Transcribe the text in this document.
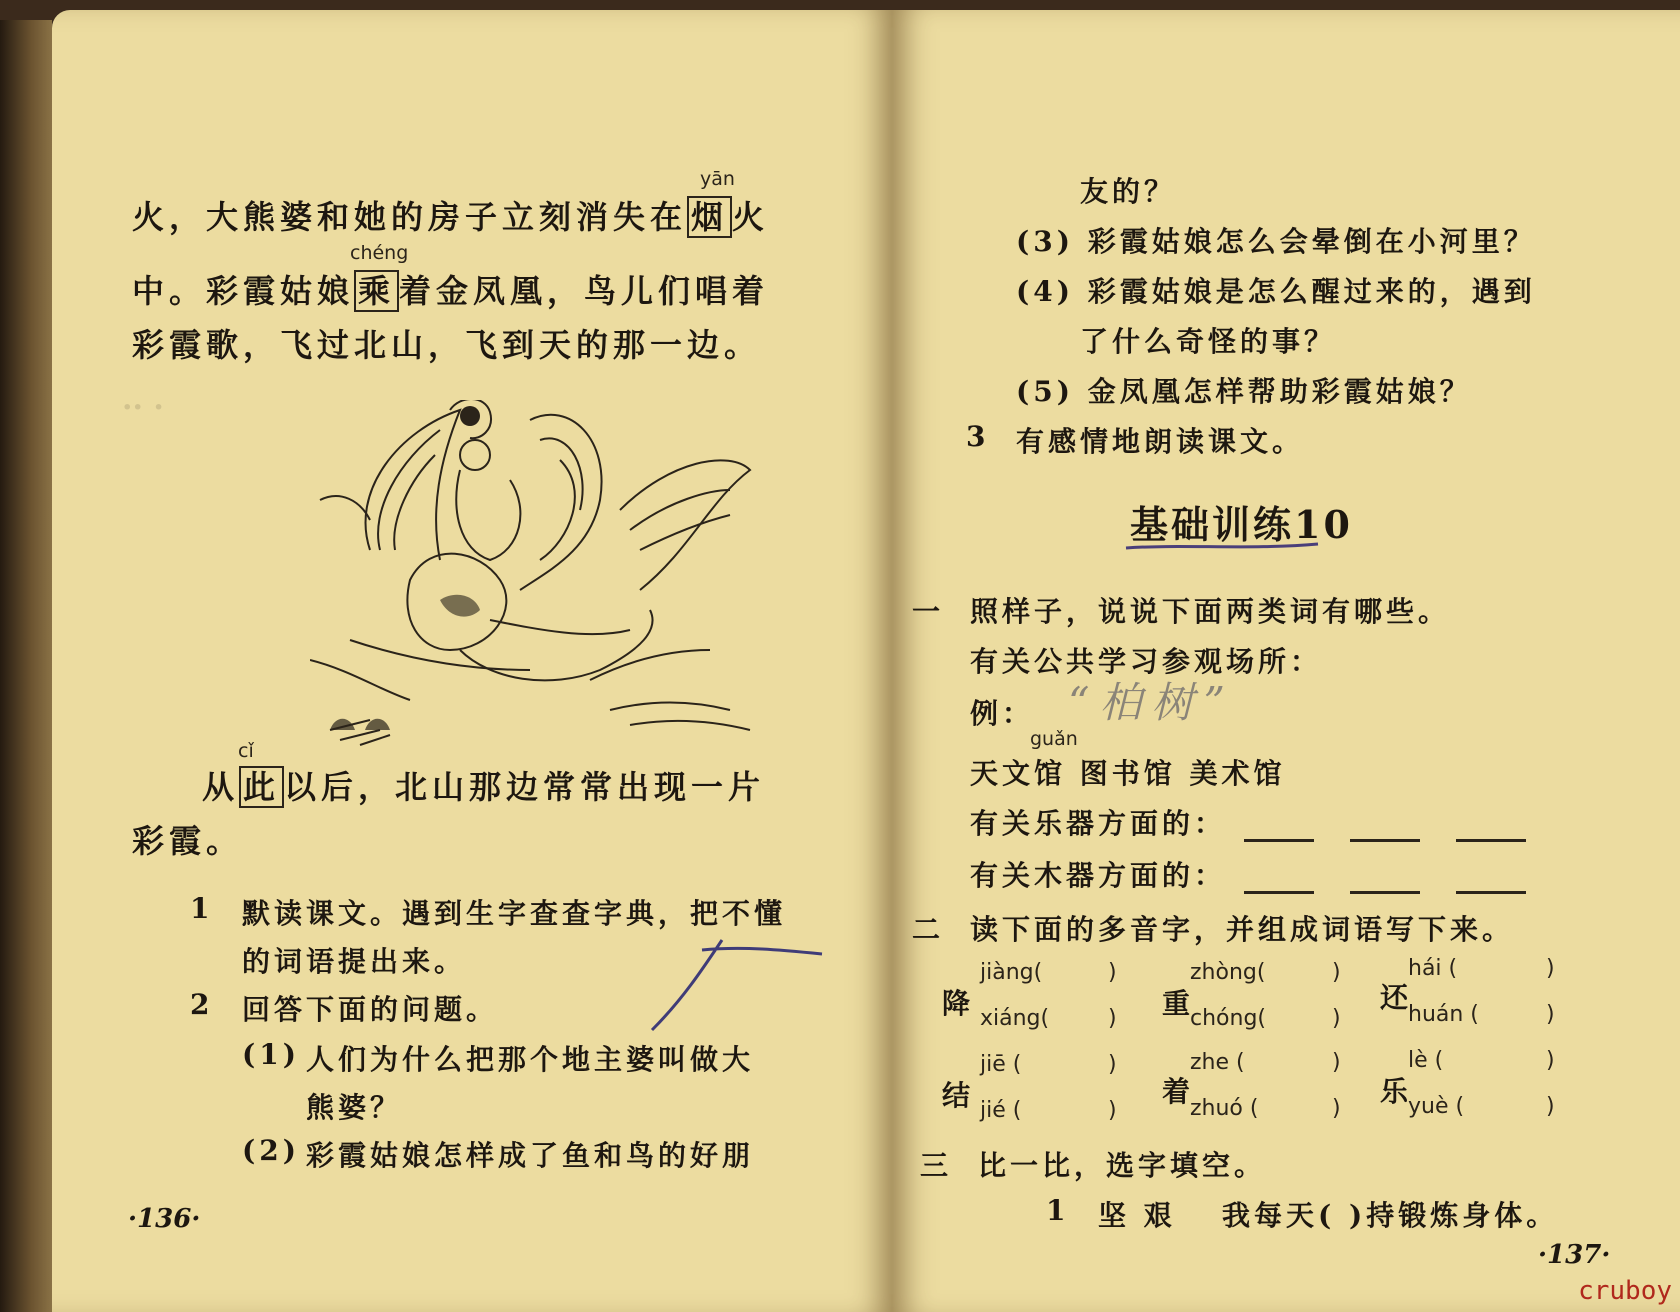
·· ·
yān
火，大熊婆和她的房子立刻消失在 烟 火
chéng
中。彩霞姑娘 乘 着金凤凰，鸟儿们唱着
彩霞歌，飞过北山，飞到天的那一边。
cǐ
从 此 以后，北山那边常常出现一片
彩霞。
1 默读课文。遇到生字查查字典，把不懂
的词语提出来。
2 回答下面的问题。
(1) 人们为什么把那个地主婆叫做大
熊婆？
(2) 彩霞姑娘怎样成了鱼和鸟的好朋
·136·
友的？
(3) 彩霞姑娘怎么会晕倒在小河里？
(4) 彩霞姑娘是怎么醒过来的，遇到
了什么奇怪的事？
(5) 金凤凰怎样帮助彩霞姑娘？
3 有感情地朗读课文。
基础训练10
一 照样子，说说下面两类词有哪些。
有关公共学习参观场所：
例： “柏树”
guǎn
天文馆 图书馆 美术馆
有关乐器方面的：
有关木器方面的：
二 读下面的多音字，并组成词语写下来。
降
jiàng(
xiáng(
)
) 重
zhòng(
chóng(
)
)
还
hái (
huán (
)
)
结
jiē (
jié (
)
)
着
zhe (
zhuó (
)
)
乐
lè (
yuè (
)
)
三 比一比，选字填空。
1 坚 艰 我每天( )持锻炼身体。
·137·
cruboy
